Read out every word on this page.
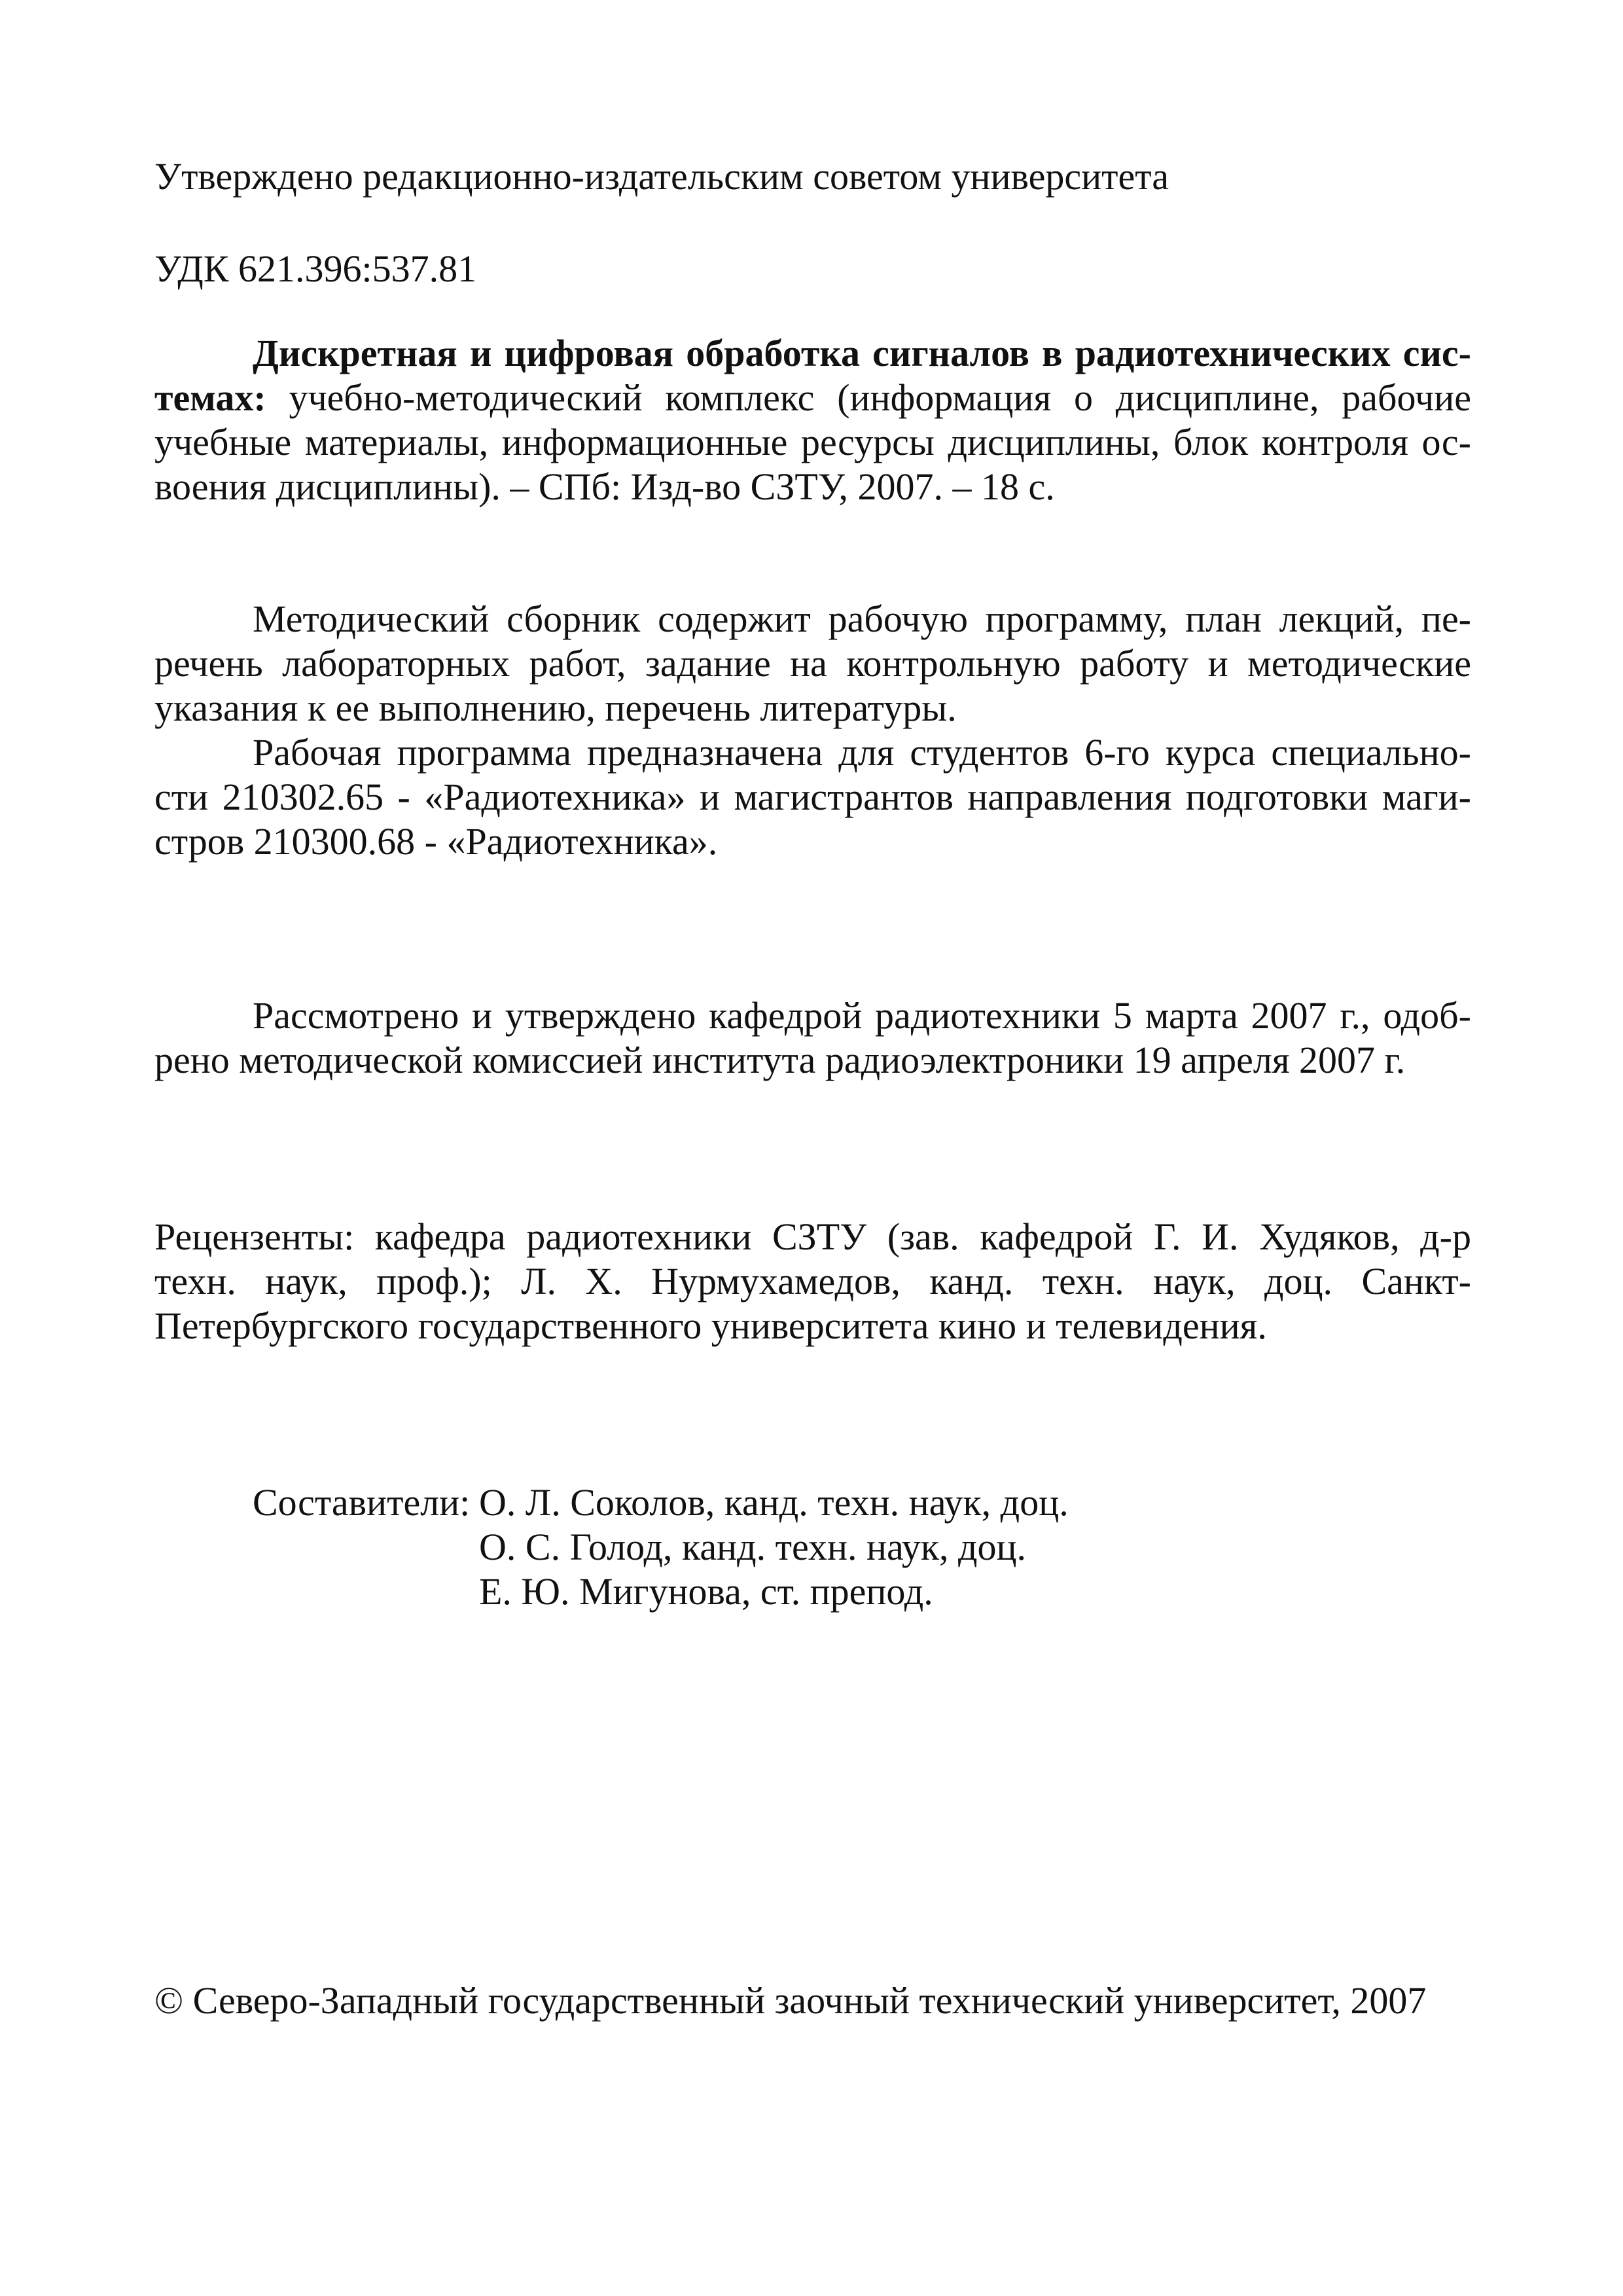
Утверждено редакционно-издательским советом университета
УДК 621.396:537.81
Дискретная и цифровая обработка сигналов в радиотехнических сис-
темах: учебно-методический комплекс (информация о дисциплине, рабочие
учебные материалы, информационные ресурсы дисциплины, блок контроля ос-
воения дисциплины). – СПб: Изд-во СЗТУ, 2007. – 18 с.
Методический сборник содержит рабочую программу, план лекций, пе-
речень лабораторных работ, задание на контрольную работу и методические
указания к ее выполнению, перечень литературы.
Рабочая программа предназначена для студентов 6-го курса специально-
сти 210302.65 - «Радиотехника» и магистрантов направления подготовки маги-
стров 210300.68 - «Радиотехника».
Рассмотрено и утверждено кафедрой радиотехники 5 марта 2007 г., одоб-
рено методической комиссией института радиоэлектроники 19 апреля 2007 г.
Рецензенты: кафедра радиотехники СЗТУ (зав. кафедрой Г. И. Худяков, д-р
техн. наук, проф.); Л. Х. Нурмухамедов, канд. техн. наук, доц. Санкт-
Петербургского государственного университета кино и телевидения.
Составители: О. Л. Соколов, канд. техн. наук, доц.
О. С. Голод, канд. техн. наук, доц.
Е. Ю. Мигунова, ст. препод.
© Северо-Западный государственный заочный технический университет, 2007
